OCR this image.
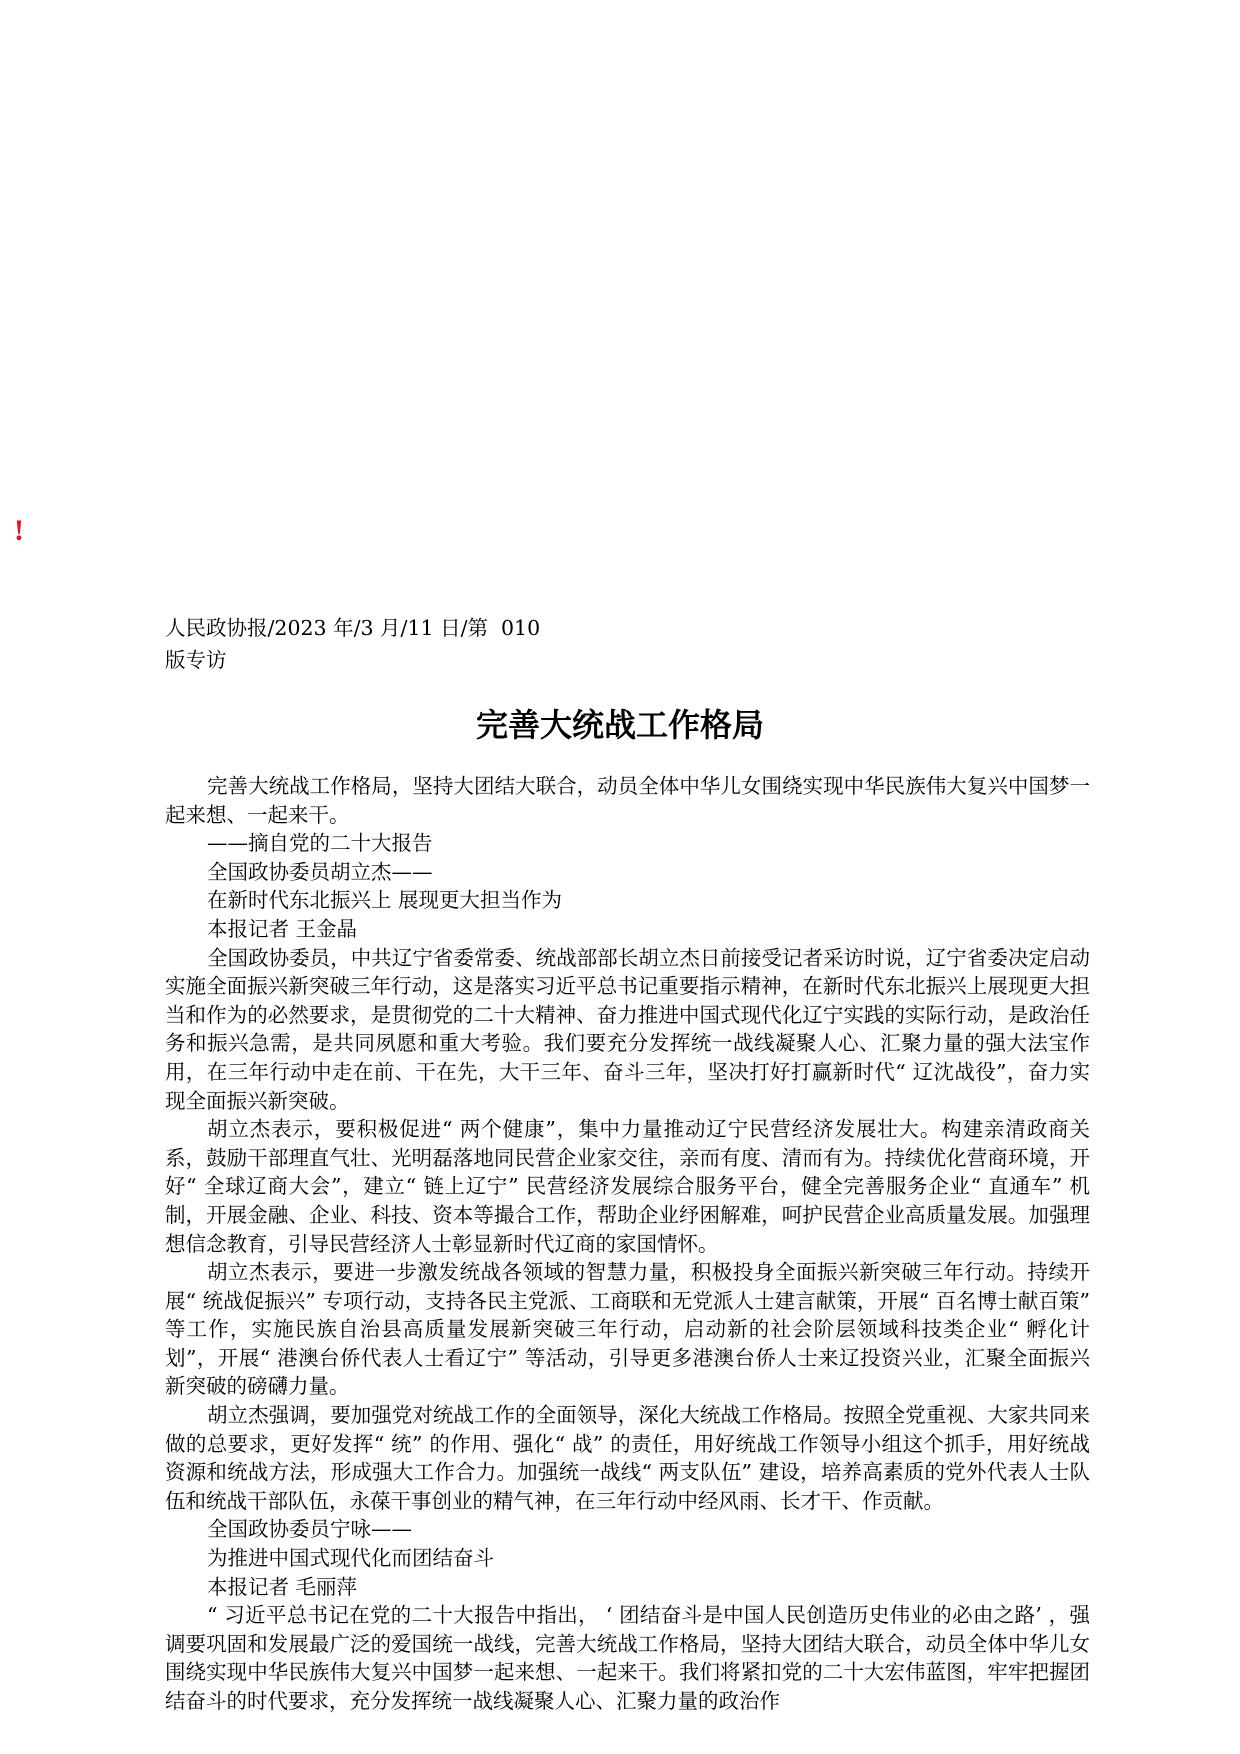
!
人民政协报/2023 年/3 月/11 日/第  010
版专访
完善大统战工作格局

完善大统战工作格局，坚持大团结大联合，动员全体中华儿女围绕实现中华民族伟大复兴中国梦一起来想、一起来干。

——摘自党的二十大报告

全国政协委员胡立杰——

在新时代东北振兴上 展现更大担当作为

本报记者 王金晶

全国政协委员，中共辽宁省委常委、统战部部长胡立杰日前接受记者采访时说，辽宁省委决定启动实施全面振兴新突破三年行动，这是落实习近平总书记重要指示精神，在新时代东北振兴上展现更大担当和作为的必然要求，是贯彻党的二十大精神、奋力推进中国式现代化辽宁实践的实际行动，是政治任务和振兴急需，是共同夙愿和重大考验。我们要充分发挥统一战线凝聚人心、汇聚力量的强大法宝作用，在三年行动中走在前、干在先，大干三年、奋斗三年，坚决打好打赢新时代“ 辽沈战役”，奋力实现全面振兴新突破。

胡立杰表示，要积极促进“ 两个健康”，集中力量推动辽宁民营经济发展壮大。构建亲清政商关系，鼓励干部理直气壮、光明磊落地同民营企业家交往，亲而有度、清而有为。持续优化营商环境，开好“ 全球辽商大会”，建立“ 链上辽宁” 民营经济发展综合服务平台，健全完善服务企业“ 直通车” 机制，开展金融、企业、科技、资本等撮合工作，帮助企业纾困解难，呵护民营企业高质量发展。加强理想信念教育，引导民营经济人士彰显新时代辽商的家国情怀。

胡立杰表示，要进一步激发统战各领域的智慧力量，积极投身全面振兴新突破三年行动。持续开展“ 统战促振兴” 专项行动，支持各民主党派、工商联和无党派人士建言献策，开展“ 百名博士献百策” 等工作，实施民族自治县高质量发展新突破三年行动，启动新的社会阶层领域科技类企业“ 孵化计划”，开展“ 港澳台侨代表人士看辽宁” 等活动，引导更多港澳台侨人士来辽投资兴业，汇聚全面振兴新突破的磅礴力量。

胡立杰强调，要加强党对统战工作的全面领导，深化大统战工作格局。按照全党重视、大家共同来做的总要求，更好发挥“ 统” 的作用、强化“ 战” 的责任，用好统战工作领导小组这个抓手，用好统战资源和统战方法，形成强大工作合力。加强统一战线“ 两支队伍” 建设，培养高素质的党外代表人士队伍和统战干部队伍，永葆干事创业的精气神，在三年行动中经风雨、长才干、作贡献。

全国政协委员宁咏——

为推进中国式现代化而团结奋斗

本报记者 毛丽萍

“ 习近平总书记在党的二十大报告中指出， ‘ 团结奋斗是中国人民创造历史伟业的必由之路’ ，强调要巩固和发展最广泛的爱国统一战线，完善大统战工作格局，坚持大团结大联合，动员全体中华儿女围绕实现中华民族伟大复兴中国梦一起来想、一起来干。我们将紧扣党的二十大宏伟蓝图，牢牢把握团结奋斗的时代要求，充分发挥统一战线凝聚人心、汇聚力量的政治作
